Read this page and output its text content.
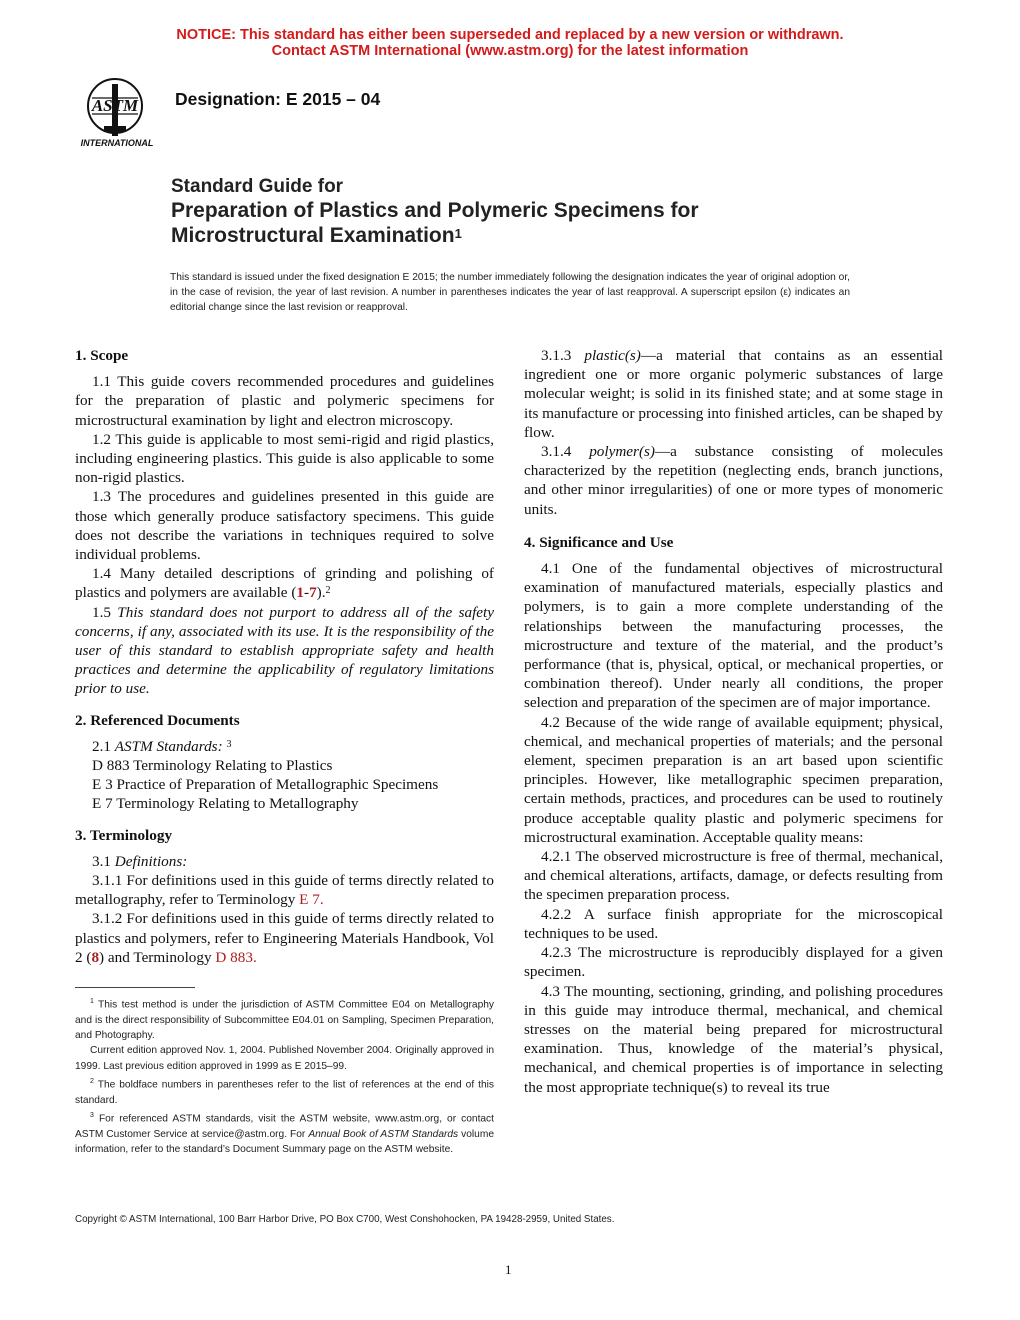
NOTICE: This standard has either been superseded and replaced by a new version or withdrawn.
Contact ASTM International (www.astm.org) for the latest information
ASTM
INTERNATIONAL
Designation: E 2015 – 04
Standard Guide for
Preparation of Plastics and Polymeric Specimens for
Microstructural Examination$^1$
This standard is issued under the fixed designation E 2015; the number immediately following the designation indicates the year of original adoption or, in the case of revision, the year of last revision. A number in parentheses indicates the year of last reapproval. A superscript epsilon (ε) indicates an editorial change since the last revision or reapproval.
1. Scope

1.1 This guide covers recommended procedures and guidelines for the preparation of plastic and polymeric specimens for microstructural examination by light and electron microscopy.

1.2 This guide is applicable to most semi-rigid and rigid plastics, including engineering plastics. This guide is also applicable to some non-rigid plastics.

1.3 The procedures and guidelines presented in this guide are those which generally produce satisfactory specimens. This guide does not describe the variations in techniques required to solve individual problems.

1.4 Many detailed descriptions of grinding and polishing of plastics and polymers are available (1-7).$^2$

1.5 This standard does not purport to address all of the safety concerns, if any, associated with its use. It is the responsibility of the user of this standard to establish appropriate safety and health practices and determine the applicability of regulatory limitations prior to use.

2. Referenced Documents

2.1 ASTM Standards: $^3$

D 883 Terminology Relating to Plastics

E 3 Practice of Preparation of Metallographic Specimens

E 7 Terminology Relating to Metallography

3. Terminology

3.1 Definitions:

3.1.1 For definitions used in this guide of terms directly related to metallography, refer to Terminology E 7.

3.1.2 For definitions used in this guide of terms directly related to plastics and polymers, refer to Engineering Materials Handbook, Vol 2 (8) and Terminology D 883.

$^1$ This test method is under the jurisdiction of ASTM Committee E04 on Metallography and is the direct responsibility of Subcommittee E04.01 on Sampling, Specimen Preparation, and Photography.

Current edition approved Nov. 1, 2004. Published November 2004. Originally approved in 1999. Last previous edition approved in 1999 as E 2015–99.

$^2$ The boldface numbers in parentheses refer to the list of references at the end of this standard.

$^3$ For referenced ASTM standards, visit the ASTM website, www.astm.org, or contact ASTM Customer Service at service@astm.org. For Annual Book of ASTM Standards volume information, refer to the standard’s Document Summary page on the ASTM website.

3.1.3 plastic(s)—a material that contains as an essential ingredient one or more organic polymeric substances of large molecular weight; is solid in its finished state; and at some stage in its manufacture or processing into finished articles, can be shaped by flow.

3.1.4 polymer(s)—a substance consisting of molecules characterized by the repetition (neglecting ends, branch junctions, and other minor irregularities) of one or more types of monomeric units.

4. Significance and Use

4.1 One of the fundamental objectives of microstructural examination of manufactured materials, especially plastics and polymers, is to gain a more complete understanding of the relationships between the manufacturing processes, the microstructure and texture of the material, and the product’s performance (that is, physical, optical, or mechanical properties, or combination thereof). Under nearly all conditions, the proper selection and preparation of the specimen are of major importance.

4.2 Because of the wide range of available equipment; physical, chemical, and mechanical properties of materials; and the personal element, specimen preparation is an art based upon scientific principles. However, like metallographic specimen preparation, certain methods, practices, and procedures can be used to routinely produce acceptable quality plastic and polymeric specimens for microstructural examination. Acceptable quality means:

4.2.1 The observed microstructure is free of thermal, mechanical, and chemical alterations, artifacts, damage, or defects resulting from the specimen preparation process.

4.2.2 A surface finish appropriate for the microscopical techniques to be used.

4.2.3 The microstructure is reproducibly displayed for a given specimen.

4.3 The mounting, sectioning, grinding, and polishing procedures in this guide may introduce thermal, mechanical, and chemical stresses on the material being prepared for microstructural examination. Thus, knowledge of the material’s physical, mechanical, and chemical properties is of importance in selecting the most appropriate technique(s) to reveal its true

Copyright © ASTM International, 100 Barr Harbor Drive, PO Box C700, West Conshohocken, PA 19428-2959, United States.
1
